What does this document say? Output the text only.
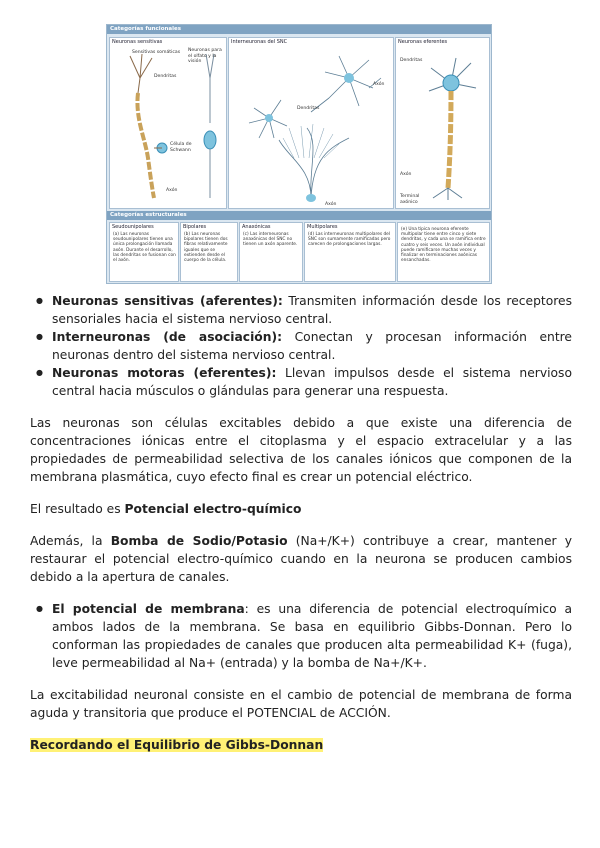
Categorías funcionales
Neuronas sensitivas
Sensitivas somáticas Neuronas para el olfato y la visión
Dendritas
Célula de Schwann
Axón
Interneuronas del SNC
Axón
Dendritas
Axón
Neuronas eferentes
Dendritas
Axón
Terminal axónico
Categorías estructurales
Seudounipolares
(a) Las neuronas seudounipolares tienen una única prolongación llamada axón. Durante el desarrollo, las dendritas se fusionan con el axón.
Bipolares
(b) Las neuronas bipolares tienen dos fibras relativamente iguales que se extienden desde el cuerpo de la célula.
Anaxónicas
(c) Las interneuronas anaxónicas del SNC no tienen un axón aparente.
Multipolares
(d) Las interneuronas multipolares del SNC son sumamente ramificadas pero carecen de prolongaciones largas.
(e) Una típica neurona eferente multipolar tiene entre cinco y siete dendritas, y cada una se ramifica entre cuatro y seis veces. Un axón individual puede ramificarse muchas veces y finalizar en terminaciones axónicas ensanchadas.
● Neuronas sensitivas (aferentes): Transmiten información desde los receptores sensoriales hacia el sistema nervioso central.
● Interneuronas (de asociación): Conectan y procesan información entre neuronas dentro del sistema nervioso central.
● Neuronas motoras (eferentes): Llevan impulsos desde el sistema nervioso central hacia músculos o glándulas para generar una respuesta.

Las neuronas son células excitables debido a que existe una diferencia de concentraciones iónicas entre el citoplasma y el espacio extracelular y a las propiedades de permeabilidad selectiva de los canales iónicos que componen de la membrana plasmática, cuyo efecto final es crear un potencial eléctrico.

El resultado es Potencial electro-químico

Además, la Bomba de Sodio/Potasio (Na+/K+) contribuye a crear, mantener y restaurar el potencial electro-químico cuando en la neurona se producen cambios debido a la apertura de canales.

● El potencial de membrana: es una diferencia de potencial electroquímico a ambos lados de la membrana. Se basa en equilibrio Gibbs-Donnan. Pero lo conforman las propiedades de canales que producen alta permeabilidad K+ (fuga), leve permeabilidad al Na+ (entrada) y la bomba de Na+/K+.

La excitabilidad neuronal consiste en el cambio de potencial de membrana de forma aguda y transitoria que produce el POTENCIAL de ACCIÓN.

Recordando el Equilibrio de Gibbs-Donnan
